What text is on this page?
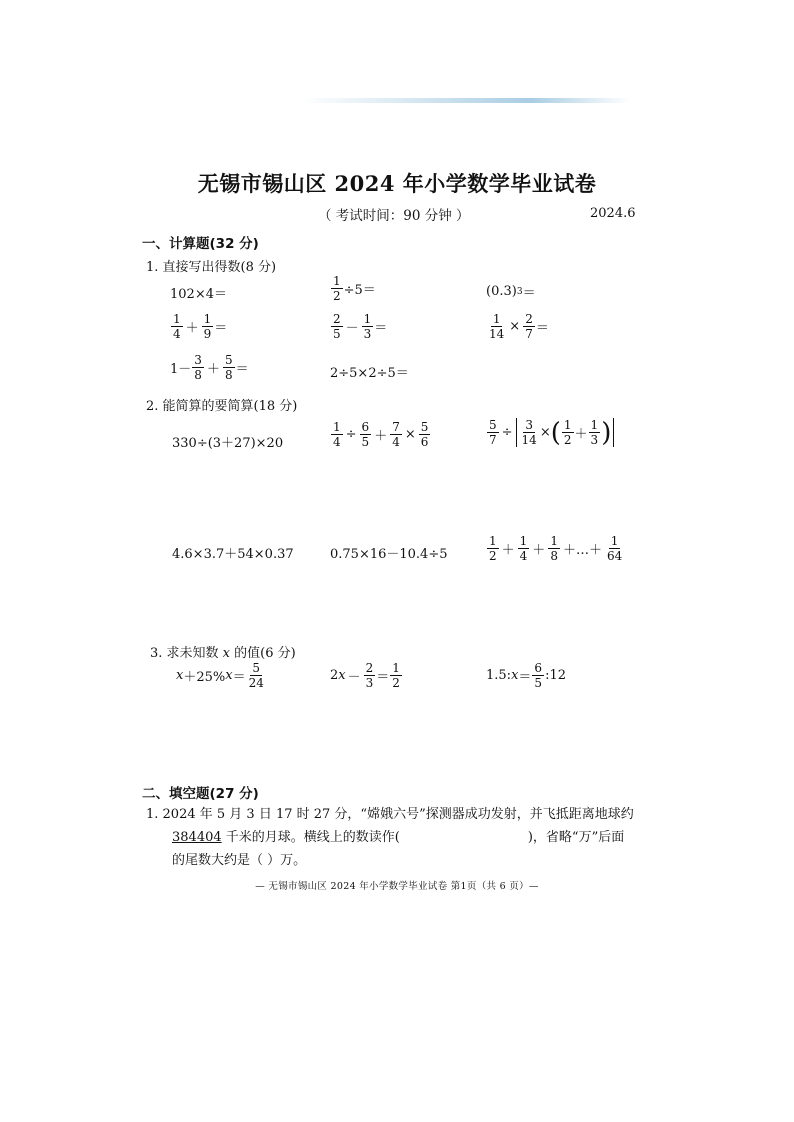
无锡市锡山区 2024 年小学数学毕业试卷
（ 考试时间：90 分钟 ）	2024.6
一、计算题(32 分)
1. 直接写出得数(8 分)
102×4＝	$\frac{1}{2} \div 5=$	(0.3) 3 ＝
$\frac{1}{4} + \frac{1}{9}$ ＝	$\frac{2}{5} - \frac{1}{3}$ ＝	$\frac{1}{14} \times \frac{2}{7}$ ＝
$1- \frac{3}{8} + \frac{5}{8}$ ＝	2÷5×2÷5＝
2. 能简算的要简算(18 分)
330÷(3＋27)×20	$\frac{1}{4} \div \frac{6}{5} + \frac{7}{4} \times \frac{5}{6}$	$\frac{5}{7} \div \frac{3}{14}$ × ( $\frac{1}{2} + \frac{1}{3}$ )
4.6×3.7＋54×0.37	0.75×16－10.4÷5	$\frac{1}{2} + \frac{1}{4} + \frac{1}{8}$ ＋…＋ $\frac{1}{64}$
3. 求未知数 x 的值(6 分)
x ＋25% $x = \frac{5}{24}$	2 $x - \frac{2}{3} = \frac{1}{2}$	1.5: $x = \frac{6}{5}$ :12
二、填空题(27 分)
1. 2024 年 5 月 3 日 17 时 27 分，“嫦娥六号”探测器成功发射，并飞抵距离地球约
384404 千米的月球。横线上的数读作(	)，省略“万”后面
的尾数大约是（ ）万。
— 无锡市锡山区 2024 年小学数学毕业试卷 第1页（共 6 页）—
